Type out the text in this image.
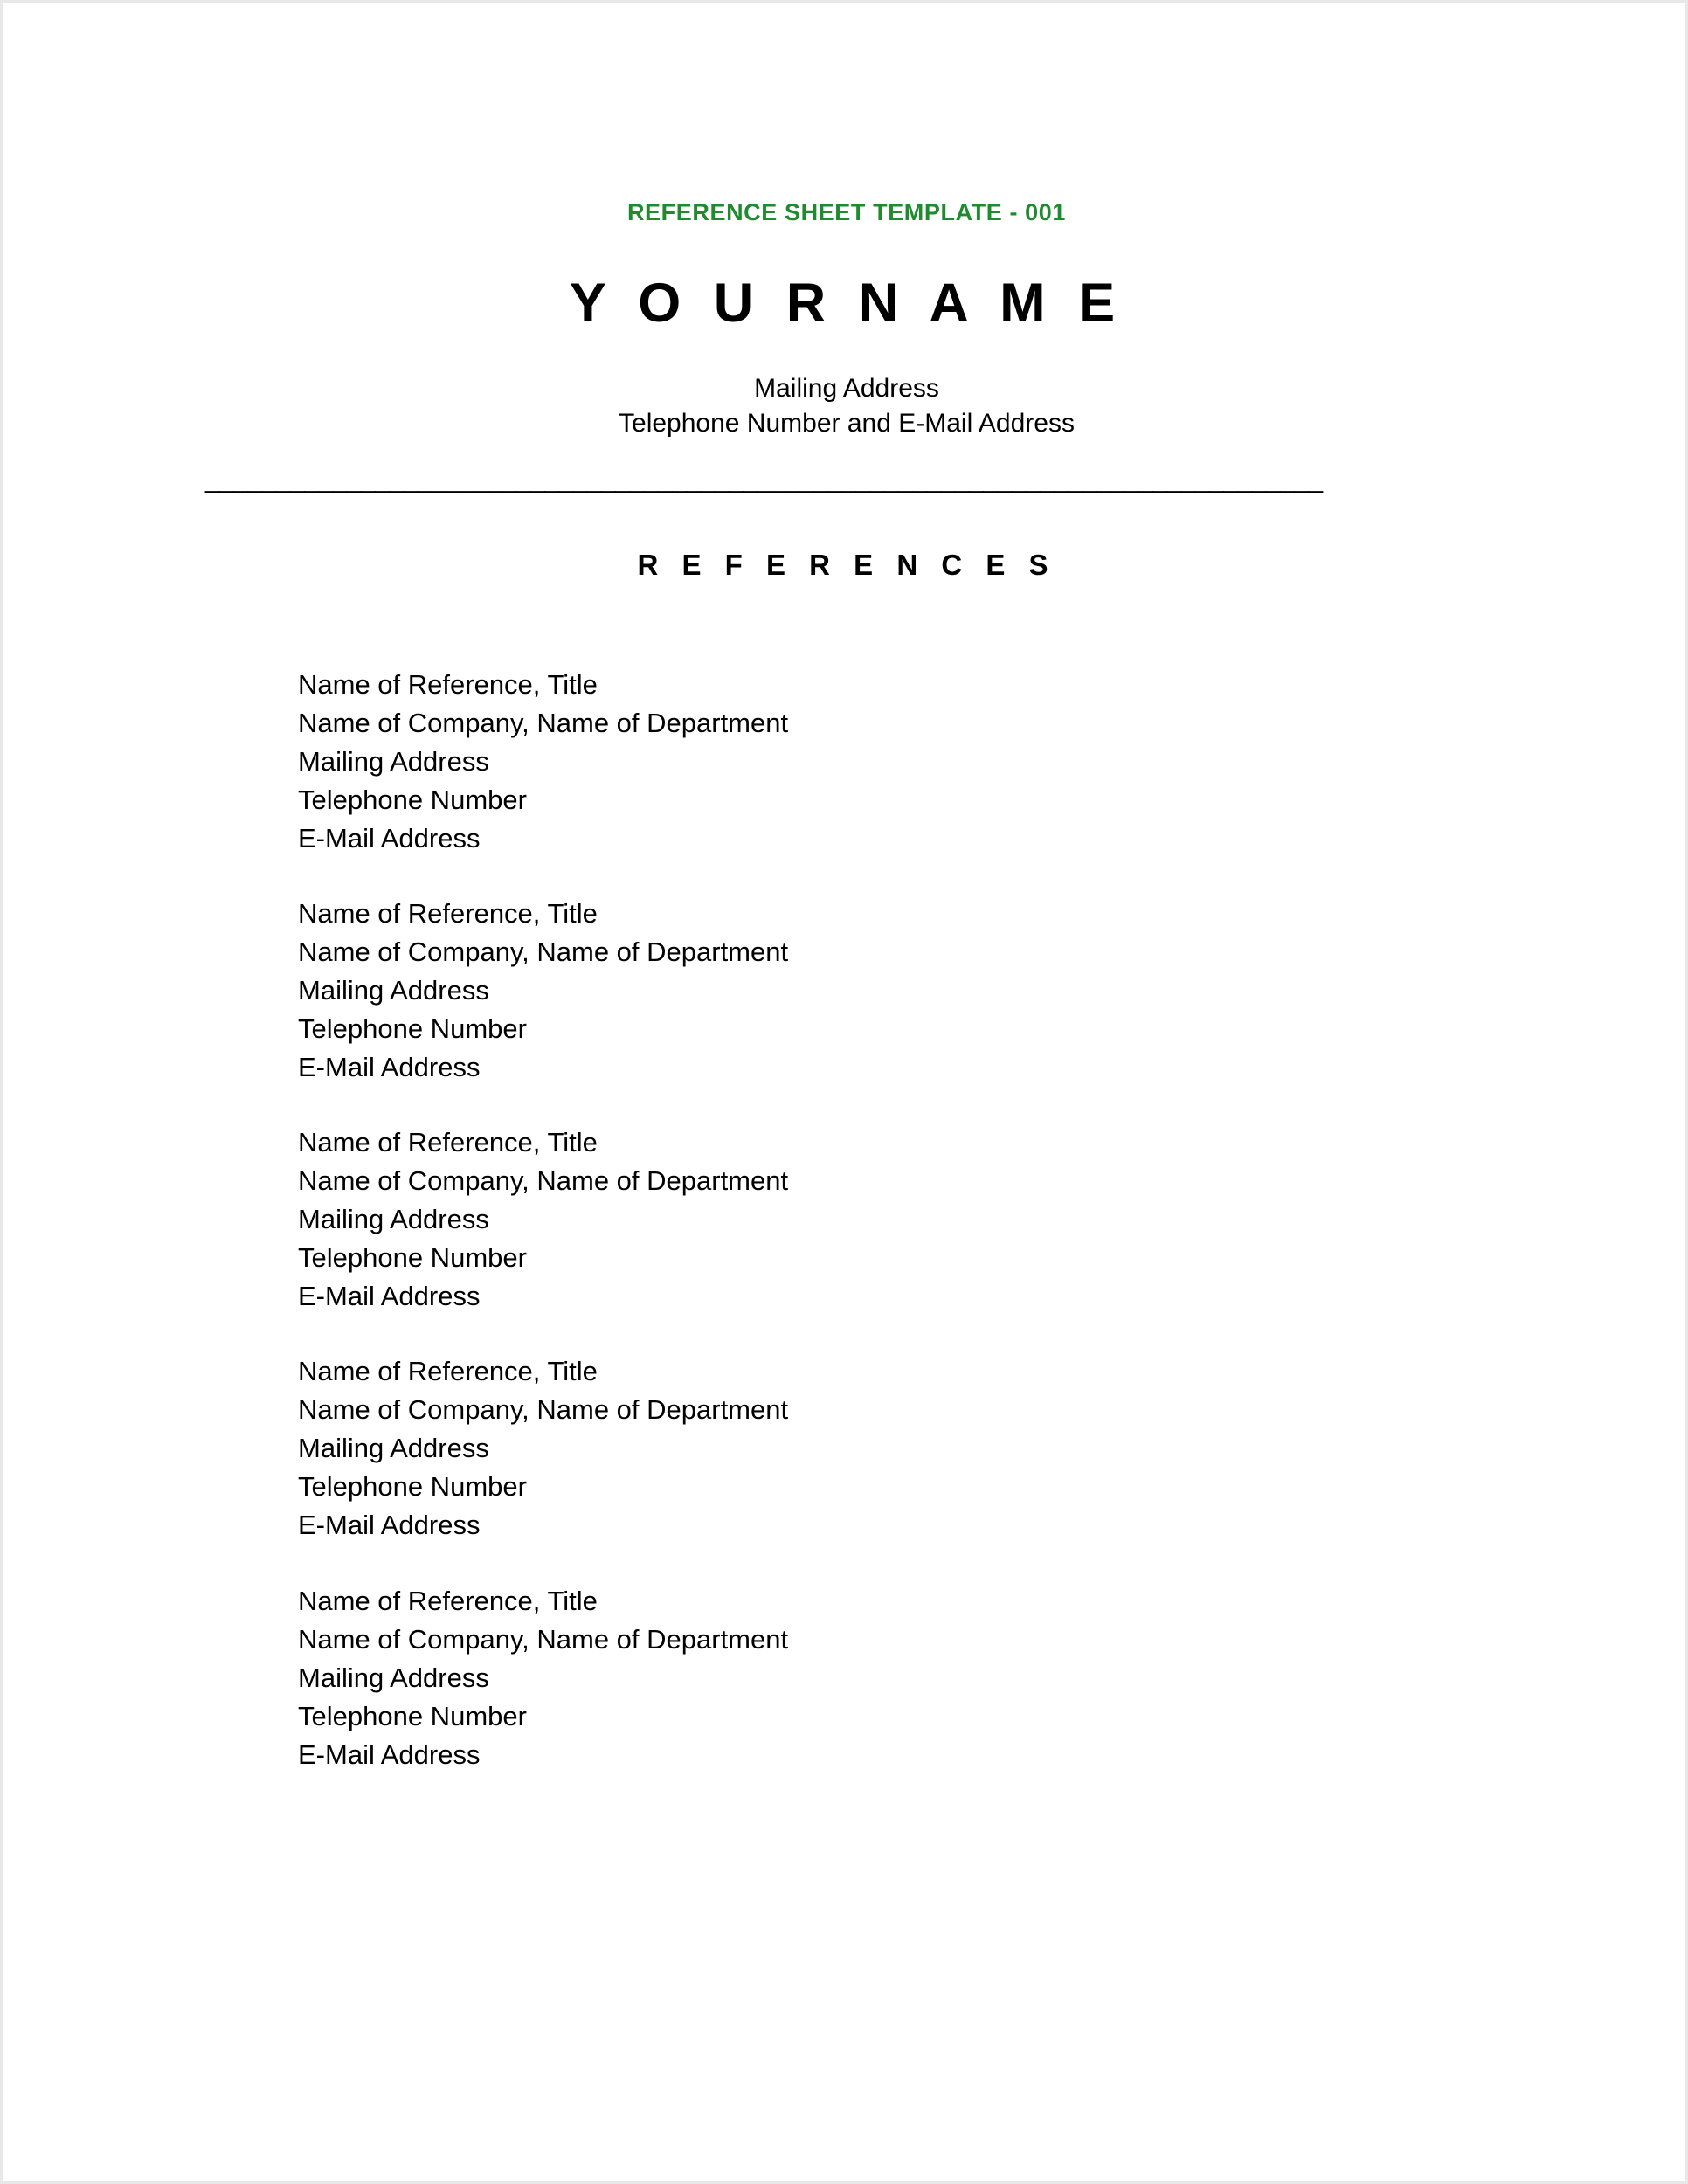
REFERENCE SHEET TEMPLATE - 001
Y O U R N A M E
Mailing Address
Telephone Number and E-Mail Address
_______________________________________________________________________________
R E F E R E N C E S
Name of Reference, Title
Name of Company, Name of Department
Mailing Address
Telephone Number
E-Mail Address
Name of Reference, Title
Name of Company, Name of Department
Mailing Address
Telephone Number
E-Mail Address
Name of Reference, Title
Name of Company, Name of Department
Mailing Address
Telephone Number
E-Mail Address
Name of Reference, Title
Name of Company, Name of Department
Mailing Address
Telephone Number
E-Mail Address
Name of Reference, Title
Name of Company, Name of Department
Mailing Address
Telephone Number
E-Mail Address
